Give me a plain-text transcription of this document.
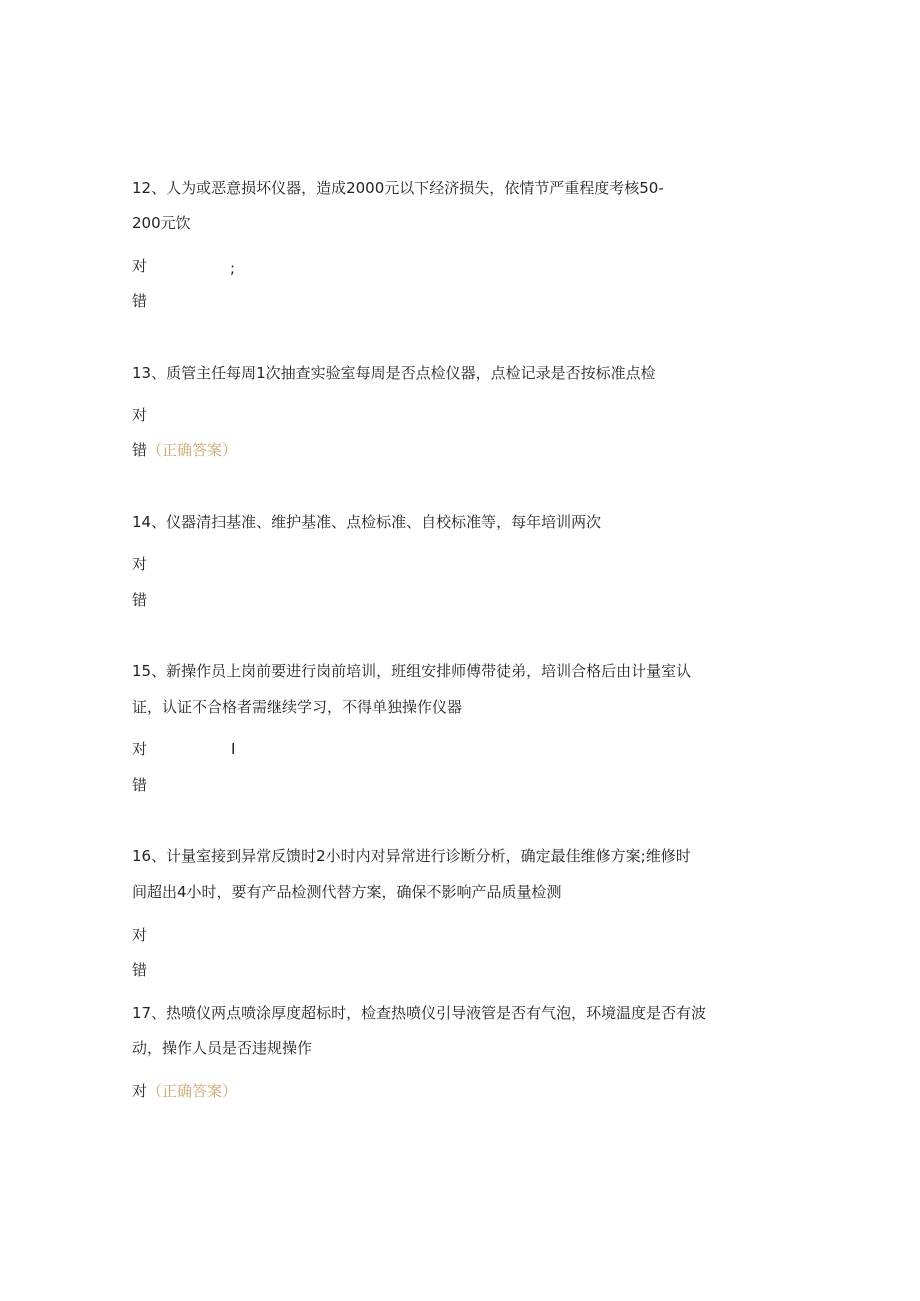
12、人为或恶意损坏仪器，造成2000元以下经济损失，依情节严重程度考核50-
200元饮
对	;
错
13、质管主任每周1次抽查实验室每周是否点检仪器，点检记录是否按标准点检
对
错（正确答案）
14、仪器清扫基准、维护基准、点检标准、自校标准等，每年培训两次
对
错
15、新操作员上岗前要进行岗前培训，班组安排师傅带徒弟，培训合格后由计量室认
证，认证不合格者需继续学习，不得单独操作仪器
对	I
错
16、计量室接到异常反馈时2小时内对异常进行诊断分析，确定最佳维修方案;维修时
间超出4小时，要有产品检测代替方案，确保不影响产品质量检测
对
错
17、热喷仪两点喷涂厚度超标时，检查热喷仪引导液管是否有气泡，环境温度是否有波
动，操作人员是否违规操作
对（正确答案）
